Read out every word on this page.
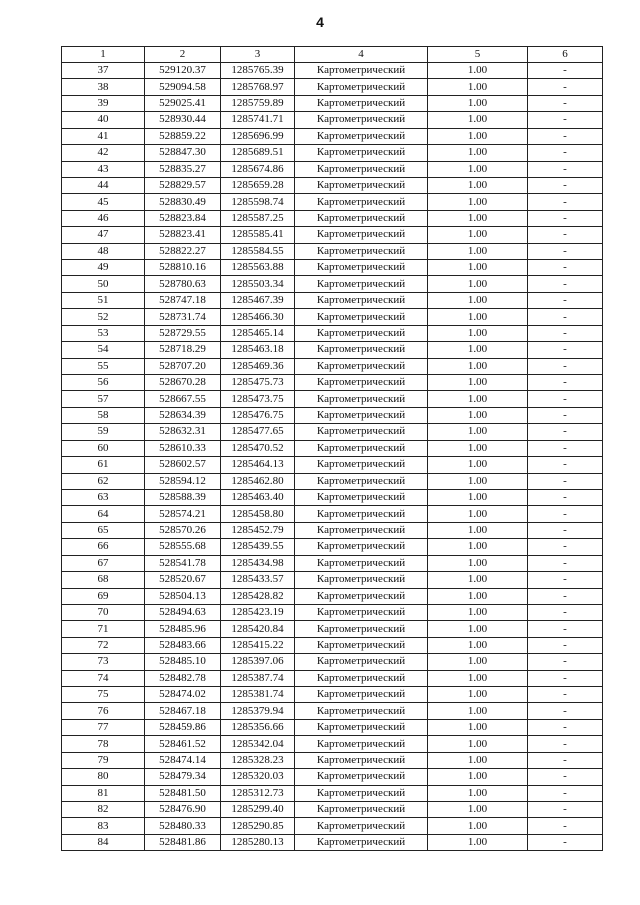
4
1	2	3	4	5	6
37	529120.37	1285765.39	Картометрический	1.00	-
38	529094.58	1285768.97	Картометрический	1.00	-
39	529025.41	1285759.89	Картометрический	1.00	-
40	528930.44	1285741.71	Картометрический	1.00	-
41	528859.22	1285696.99	Картометрический	1.00	-
42	528847.30	1285689.51	Картометрический	1.00	-
43	528835.27	1285674.86	Картометрический	1.00	-
44	528829.57	1285659.28	Картометрический	1.00	-
45	528830.49	1285598.74	Картометрический	1.00	-
46	528823.84	1285587.25	Картометрический	1.00	-
47	528823.41	1285585.41	Картометрический	1.00	-
48	528822.27	1285584.55	Картометрический	1.00	-
49	528810.16	1285563.88	Картометрический	1.00	-
50	528780.63	1285503.34	Картометрический	1.00	-
51	528747.18	1285467.39	Картометрический	1.00	-
52	528731.74	1285466.30	Картометрический	1.00	-
53	528729.55	1285465.14	Картометрический	1.00	-
54	528718.29	1285463.18	Картометрический	1.00	-
55	528707.20	1285469.36	Картометрический	1.00	-
56	528670.28	1285475.73	Картометрический	1.00	-
57	528667.55	1285473.75	Картометрический	1.00	-
58	528634.39	1285476.75	Картометрический	1.00	-
59	528632.31	1285477.65	Картометрический	1.00	-
60	528610.33	1285470.52	Картометрический	1.00	-
61	528602.57	1285464.13	Картометрический	1.00	-
62	528594.12	1285462.80	Картометрический	1.00	-
63	528588.39	1285463.40	Картометрический	1.00	-
64	528574.21	1285458.80	Картометрический	1.00	-
65	528570.26	1285452.79	Картометрический	1.00	-
66	528555.68	1285439.55	Картометрический	1.00	-
67	528541.78	1285434.98	Картометрический	1.00	-
68	528520.67	1285433.57	Картометрический	1.00	-
69	528504.13	1285428.82	Картометрический	1.00	-
70	528494.63	1285423.19	Картометрический	1.00	-
71	528485.96	1285420.84	Картометрический	1.00	-
72	528483.66	1285415.22	Картометрический	1.00	-
73	528485.10	1285397.06	Картометрический	1.00	-
74	528482.78	1285387.74	Картометрический	1.00	-
75	528474.02	1285381.74	Картометрический	1.00	-
76	528467.18	1285379.94	Картометрический	1.00	-
77	528459.86	1285356.66	Картометрический	1.00	-
78	528461.52	1285342.04	Картометрический	1.00	-
79	528474.14	1285328.23	Картометрический	1.00	-
80	528479.34	1285320.03	Картометрический	1.00	-
81	528481.50	1285312.73	Картометрический	1.00	-
82	528476.90	1285299.40	Картометрический	1.00	-
83	528480.33	1285290.85	Картометрический	1.00	-
84	528481.86	1285280.13	Картометрический	1.00	-
